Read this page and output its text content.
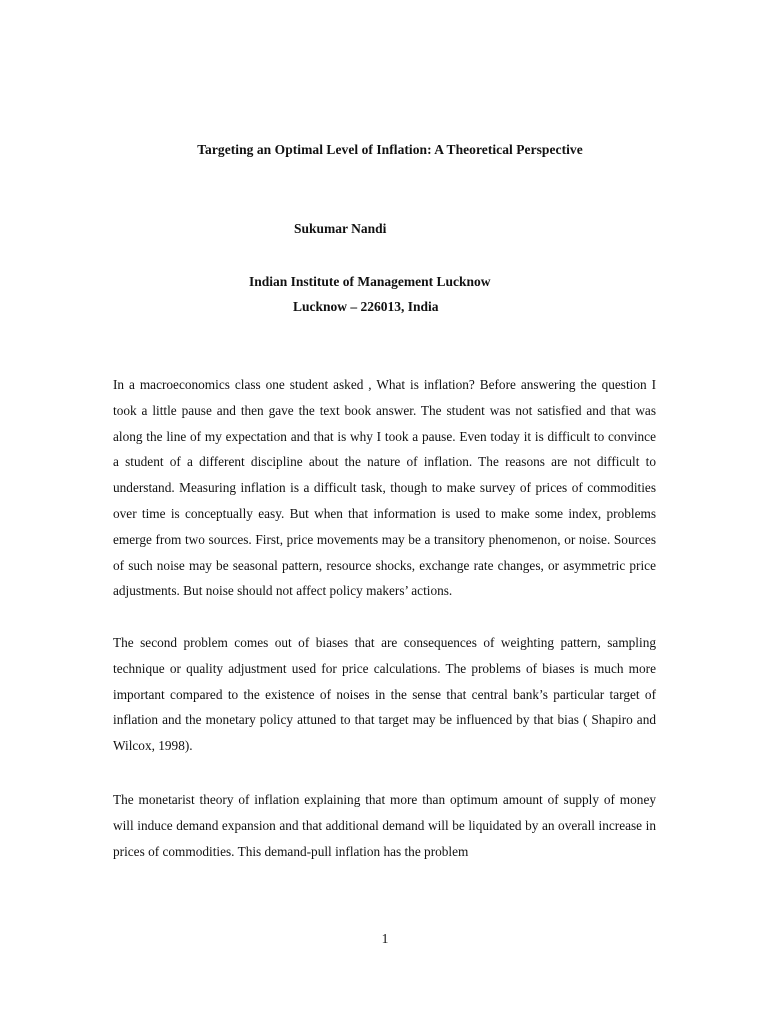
Targeting an Optimal Level of Inflation: A Theoretical Perspective
Sukumar Nandi
Indian Institute of Management Lucknow
Lucknow – 226013, India

In a macroeconomics class one student asked , What is inflation? Before answering the question I took a little pause and then gave the text book answer. The student was not satisfied and that was along the line of my expectation and that is why I took a pause. Even today it is difficult to convince a student of a different discipline about the nature of inflation. The reasons are not difficult to understand. Measuring inflation is a difficult task, though to make survey of prices of commodities over time is conceptually easy. But when that information is used to make some index, problems emerge from two sources. First, price movements may be a transitory phenomenon, or noise. Sources of such noise may be seasonal pattern, resource shocks, exchange rate changes, or asymmetric price adjustments. But noise should not affect policy makers’ actions.

The second problem comes out of biases that are consequences of weighting pattern, sampling technique or quality adjustment used for price calculations. The problems of biases is much more important compared to the existence of noises in the sense that central bank’s particular target of inflation and the monetary policy attuned to that target may be influenced by that bias ( Shapiro and Wilcox, 1998).

The monetarist theory of inflation explaining that more than optimum amount of supply of money will induce demand expansion and that additional demand will be liquidated by an overall increase in prices of commodities. This demand-pull inflation has the problem

1
